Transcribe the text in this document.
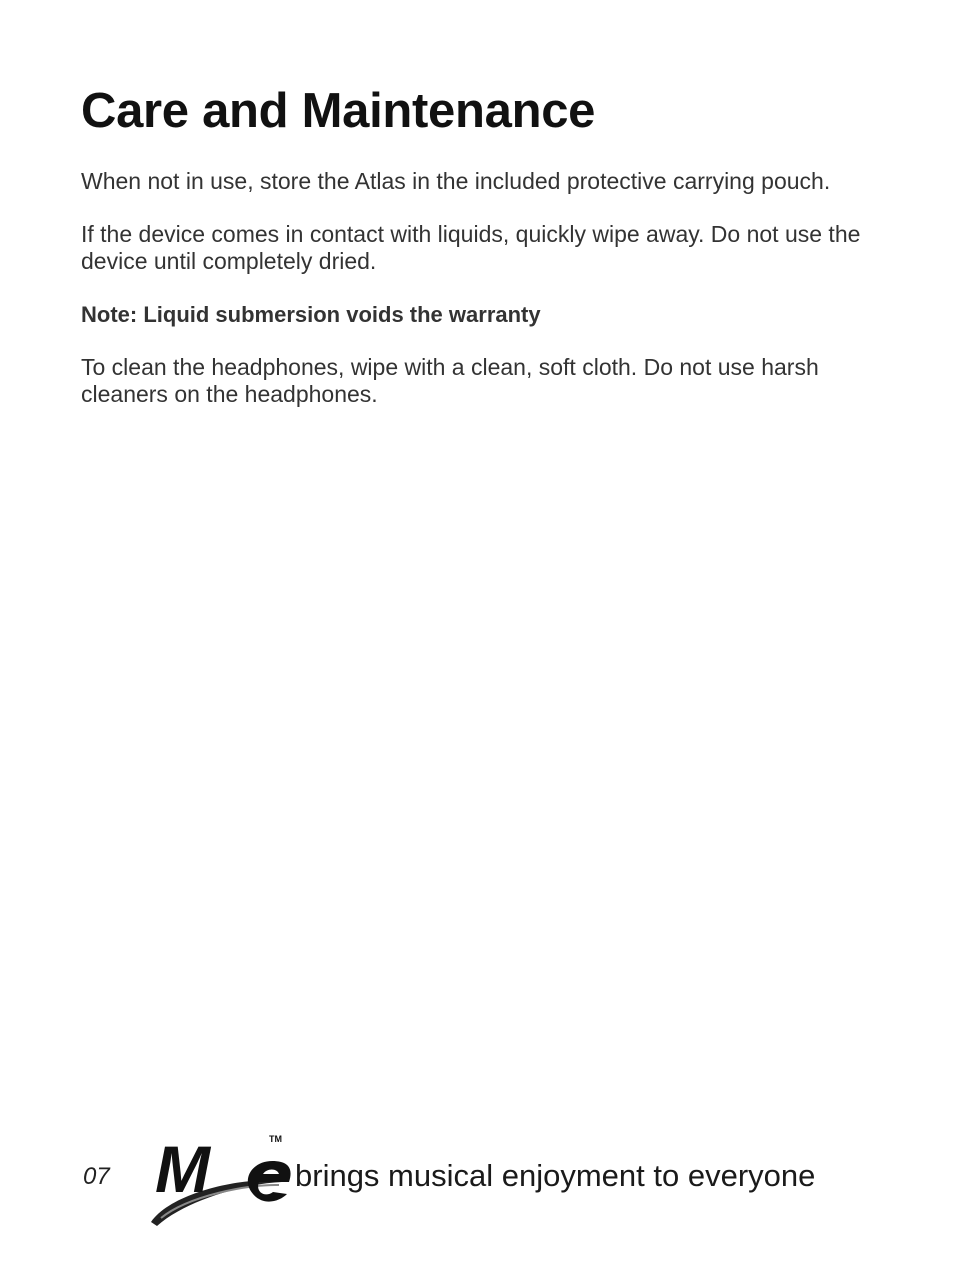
Care and Maintenance

When not in use, store the Atlas in the included protective carrying pouch.

If the device comes in contact with liquids, quickly wipe away. Do not use the device until completely dried.

Note: Liquid submersion voids the warranty

To clean the headphones, wipe with a clean, soft cloth. Do not use harsh cleaners on the headphones.

07 M	TM
brings musical enjoyment to everyone
